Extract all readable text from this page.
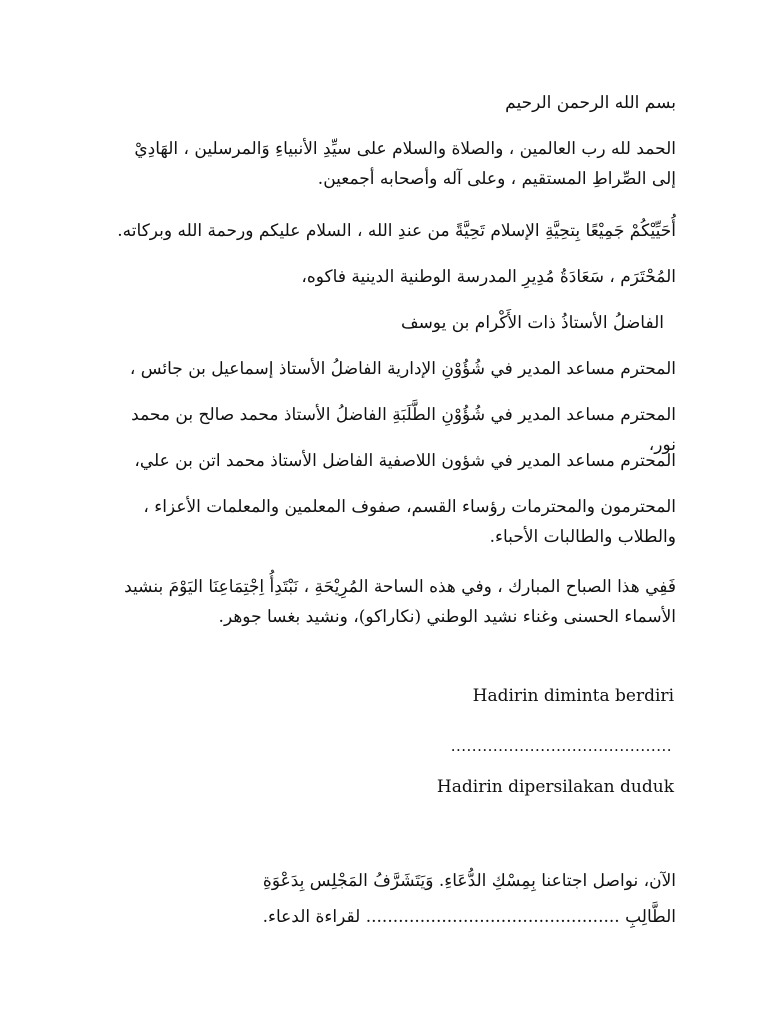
بسم الله الرحمن الرحيم
الحمد لله رب العالمين ، والصلاة والسلام على سيِّدِ الأنبياءِ وَالمرسلين ، الهَادِيْ إلى الصِّراطِ المستقيم ، وعلى آله وأصحابه أجمعين.
أُحَيِّيْكُمْ جَمِيْعًا بِتحِيَّةِ الإسلام تَحِيَّةً من عندِ الله ، السلام عليكم ورحمة الله وبركاته.
المُحْتَرَم ، سَعَادَةُ مُدِيرِ المدرسة الوطنية الدينية فاكوه،
الفاضلُ الأستاذُ ذات الأَكْرام بن يوسف
المحترم مساعد المدير في شُؤُوْنِ الإدارية الفاضلُ الأستاذ إسماعيل بن جائس ،
المحترم مساعد المدير في شُؤُوْنِ الطَّلَبَةِ الفاضلُ الأستاذ محمد صالح بن محمد نور،
المحترم مساعد المدير في شؤون اللاصفية الفاضل الأستاذ محمد اتن بن علي،
المحترمون والمحترمات رؤساء القسم، صفوف المعلمين والمعلمات الأعزاء ، والطلاب والطالبات الأحباء.
فَفِي هذا الصباح المبارك ، وفي هذه الساحة المُرِيْحَةِ ، نَبْتَدِأُ اِجْتِمَاعِنَا اليَوْمَ بنشيد الأسماء الحسنى وغناء نشيد الوطني (نكاراكو)، ونشيد بغسا جوهر.
Hadirin diminta berdiri
..........................................
Hadirin dipersilakan duduk
الآن، نواصل اجتاعنا بِمِسْكِ الدُّعَاءِ. وَيَتَشَرَّفُ المَجْلِس بِدَعْوَةِ
الطَّالِبِ ............................................... لقراءة الدعاء.
